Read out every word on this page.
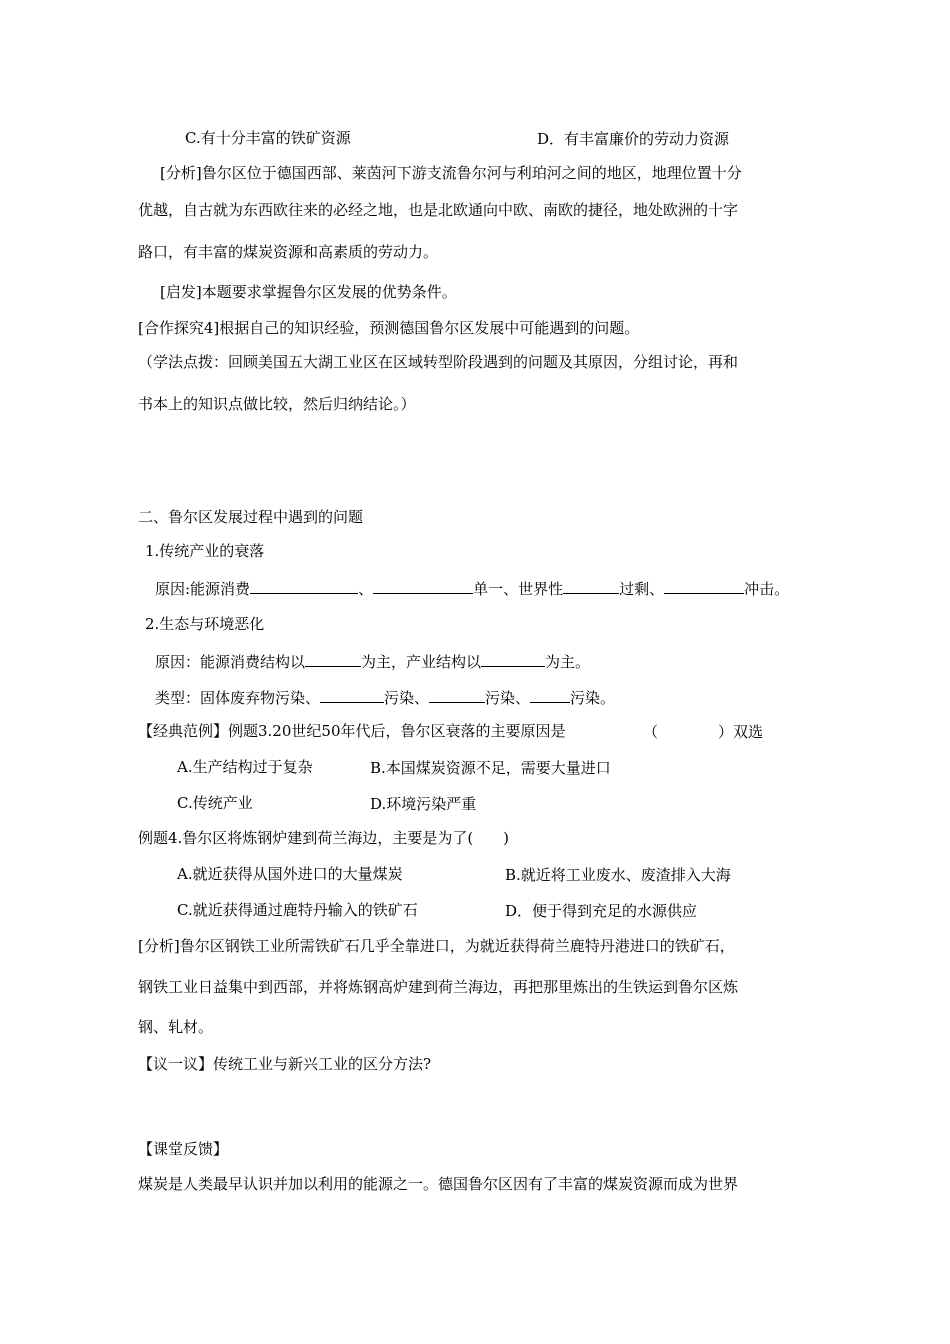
C.有十分丰富的铁矿资源	D．有丰富廉价的劳动力资源
[分析]鲁尔区位于德国西部、莱茵河下游支流鲁尔河与利珀河之间的地区，地理位置十分
优越，自古就为东西欧往来的必经之地，也是北欧通向中欧、南欧的捷径，地处欧洲的十字
路口，有丰富的煤炭资源和高素质的劳动力。
[启发]本题要求掌握鲁尔区发展的优势条件。
[合作探究4]根据自己的知识经验，预测德国鲁尔区发展中可能遇到的问题。
（学法点拨：回顾美国五大湖工业区在区域转型阶段遇到的问题及其原因，分组讨论，再和
书本上的知识点做比较，然后归纳结论。）
二、鲁尔区发展过程中遇到的问题
1.传统产业的衰落
原因:能源消费	、	单一、世界性	过剩、	冲击。
2.生态与环境恶化
原因：能源消费结构以	为主，产业结构以	为主。
类型：固体废弃物污染、	污染、	污染、	污染。
【经典范例】例题3.20世纪50年代后，鲁尔区衰落的主要原因是	（　　　　）双选
A.生产结构过于复杂	B.本国煤炭资源不足，需要大量进口
C.传统产业	D.环境污染严重
例题4.鲁尔区将炼钢炉建到荷兰海边，主要是为了(　　)
A.就近获得从国外进口的大量煤炭	B.就近将工业废水、废渣排入大海
C.就近获得通过鹿特丹输入的铁矿石	D．便于得到充足的水源供应
[分析]鲁尔区钢铁工业所需铁矿石几乎全靠进口，为就近获得荷兰鹿特丹港进口的铁矿石，
钢铁工业日益集中到西部，并将炼钢高炉建到荷兰海边，再把那里炼出的生铁运到鲁尔区炼
钢、轧材。
【议一议】传统工业与新兴工业的区分方法?
【课堂反馈】
煤炭是人类最早认识并加以利用的能源之一。德国鲁尔区因有了丰富的煤炭资源而成为世界
